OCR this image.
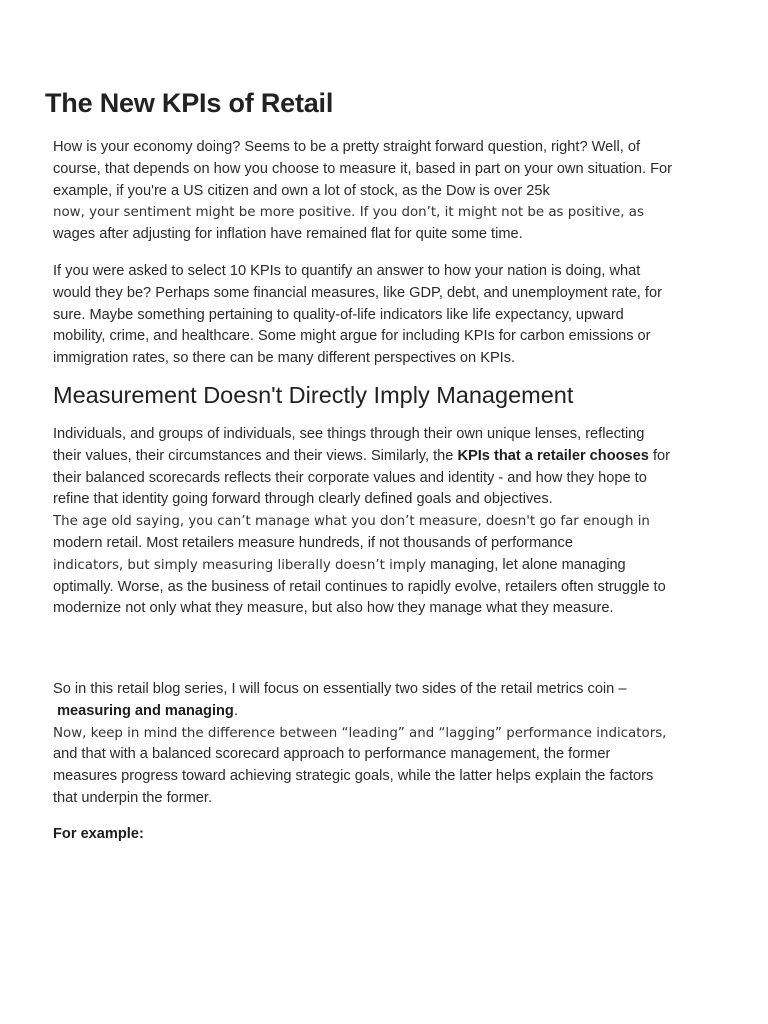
The New KPIs of Retail

How is your economy doing? Seems to be a pretty straight forward question, right? Well, of course, that depends on how you choose to measure it, based in part on your own situation. For example, if you're a US citizen and own a lot of stock, as the Dow is over 25k
now, your sentiment might be more positive. If you don’t, it might not be as positive, as
wages after adjusting for inflation have remained flat for quite some time.

If you were asked to select 10 KPIs to quantify an answer to how your nation is doing, what would they be? Perhaps some financial measures, like GDP, debt, and unemployment rate, for sure. Maybe something pertaining to quality-of-life indicators like life expectancy, upward mobility, crime, and healthcare. Some might argue for including KPIs for carbon emissions or immigration rates, so there can be many different perspectives on KPIs.

Measurement Doesn't Directly Imply Management

Individuals, and groups of individuals, see things through their own unique lenses, reflecting their values, their circumstances and their views. Similarly, the KPIs that a retailer chooses for their balanced scorecards reflects their corporate values and identity - and how they hope to refine that identity going forward through clearly defined goals and objectives.

The age old saying, you can’t manage what you don’t measure, doesn't go far enough in
modern retail. Most retailers measure hundreds, if not thousands of performance
indicators, but simply measuring liberally doesn’t imply managing, let alone managing optimally. Worse, as the business of retail continues to rapidly evolve, retailers often struggle to modernize not only what they measure, but also how they manage what they measure.

So in this retail blog series, I will focus on essentially two sides of the retail metrics coin –
measuring and managing.
Now, keep in mind the difference between “leading” and “lagging” performance indicators,
and that with a balanced scorecard approach to performance management, the former measures progress toward achieving strategic goals, while the latter helps explain the factors that underpin the former.

For example:
